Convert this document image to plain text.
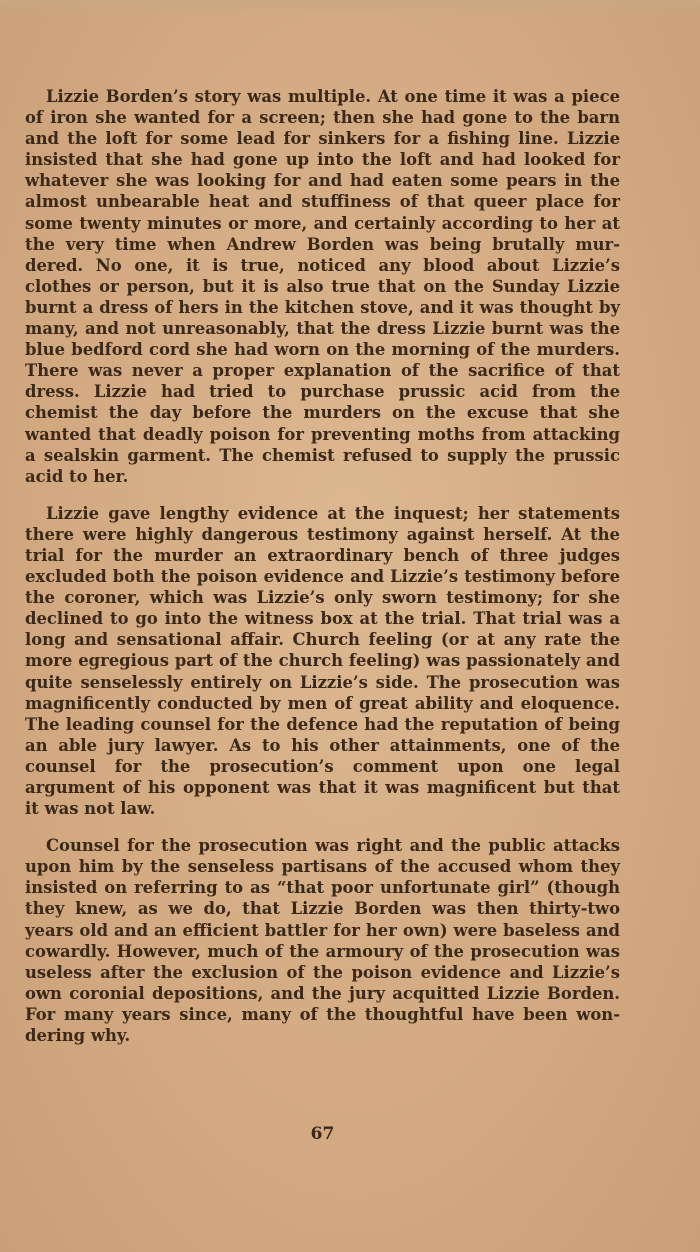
Lizzie Borden’s story was multiple. At one time it was a piece of iron she wanted for a screen; then she had gone to the barn and the loft for some lead for sinkers for a fishing line. Lizzie insisted that she had gone up into the loft and had looked for whatever she was looking for and had eaten some pears in the almost unbearable heat and stuffiness of that queer place for some twenty minutes or more, and certainly according to her at the very time when Andrew Borden was being brutally murdered. No one, it is true, noticed any blood about Lizzie’s clothes or person, but it is also true that on the Sunday Lizzie burnt a dress of hers in the kitchen stove, and it was thought by many, and not unreasonably, that the dress Lizzie burnt was the blue bedford cord she had worn on the morning of the murders. There was never a proper explanation of the sacrifice of that dress. Lizzie had tried to purchase prussic acid from the chemist the day before the murders on the excuse that she wanted that deadly poison for preventing moths from attacking a sealskin garment. The chemist refused to supply the prussic acid to her.

Lizzie gave lengthy evidence at the inquest; her statements there were highly dangerous testimony against herself. At the trial for the murder an extraordinary bench of three judges excluded both the poison evidence and Lizzie’s testimony before the coroner, which was Lizzie’s only sworn testimony; for she declined to go into the witness box at the trial. That trial was a long and sensational affair. Church feeling (or at any rate the more egregious part of the church feeling) was passionately and quite senselessly entirely on Lizzie’s side. The prosecution was magnificently conducted by men of great ability and eloquence. The leading counsel for the defence had the reputation of being an able jury lawyer. As to his other attainments, one of the counsel for the prosecution’s comment upon one legal argument of his opponent was that it was magnificent but that it was not law.

Counsel for the prosecution was right and the public attacks upon him by the senseless partisans of the accused whom they insisted on referring to as “that poor unfortunate girl” (though they knew, as we do, that Lizzie Borden was then thirty-two years old and an efficient battler for her own) were baseless and cowardly. However, much of the armoury of the prosecution was useless after the exclusion of the poison evidence and Lizzie’s own coronial depositions, and the jury acquitted Lizzie Borden. For many years since, many of the thoughtful have been wondering why.

67
